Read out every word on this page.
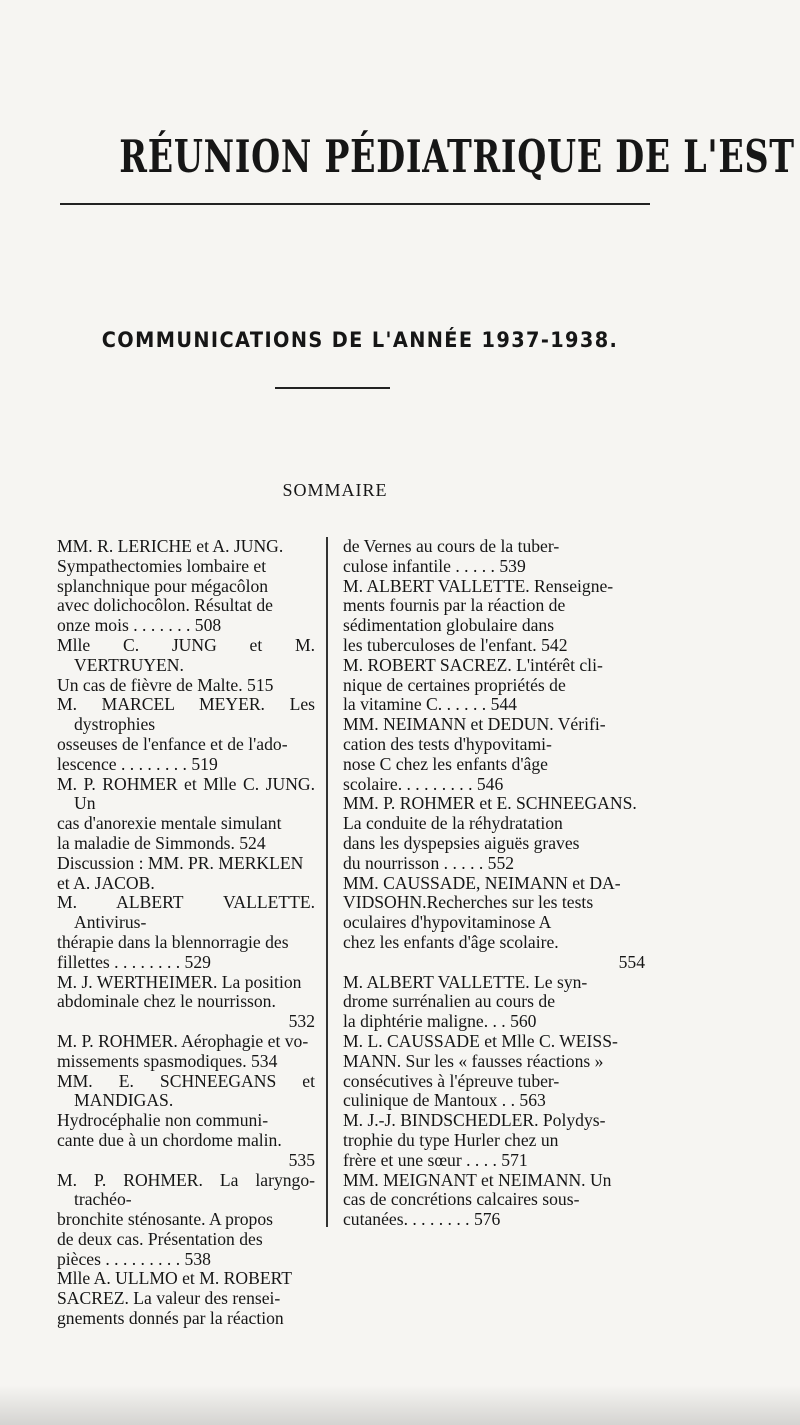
RÉUNION PÉDIATRIQUE DE L'EST
COMMUNICATIONS DE L'ANNÉE 1937-1938.
SOMMAIRE
MM. R. LERICHE et A. JUNG.
Sympathectomies lombaire et
splanchnique pour mégacôlon
avec dolichocôlon. Résultat de
onze mois . . . . . . . 508
Mlle C. JUNG et M. VERTRUYEN.
Un cas de fièvre de Malte. 515
M. MARCEL MEYER. Les dystrophies
osseuses de l'enfance et de l'ado-
lescence . . . . . . . . 519
M. P. ROHMER et Mlle C. JUNG. Un
cas d'anorexie mentale simulant
la maladie de Simmonds. 524
Discussion : MM. PR. MERKLEN
et A. JACOB.
M. ALBERT VALLETTE. Antivirus-
thérapie dans la blennorragie des
fillettes . . . . . . . . 529
M. J. WERTHEIMER. La position
abdominale chez le nourrisson.
532
M. P. ROHMER. Aérophagie et vo-
missements spasmodiques. 534
MM. E. SCHNEEGANS et MANDIGAS.
Hydrocéphalie non communi-
cante due à un chordome malin.
535
M. P. ROHMER. La laryngo-trachéo-
bronchite sténosante. A propos
de deux cas. Présentation des
pièces . . . . . . . . . 538
Mlle A. ULLMO et M. ROBERT
SACREZ. La valeur des rensei-
gnements donnés par la réaction
de Vernes au cours de la tuber-
culose infantile . . . . . 539
M. ALBERT VALLETTE. Renseigne-
ments fournis par la réaction de
sédimentation globulaire dans
les tuberculoses de l'enfant. 542
M. ROBERT SACREZ. L'intérêt cli-
nique de certaines propriétés de
la vitamine C. . . . . . 544
MM. NEIMANN et DEDUN. Vérifi-
cation des tests d'hypovitami-
nose C chez les enfants d'âge
scolaire. . . . . . . . . 546
MM. P. ROHMER et E. SCHNEEGANS.
La conduite de la réhydratation
dans les dyspepsies aiguës graves
du nourrisson . . . . . 552
MM. CAUSSADE, NEIMANN et DA-
VIDSOHN.Recherches sur les tests
oculaires d'hypovitaminose A
chez les enfants d'âge scolaire.
554
M. ALBERT VALLETTE. Le syn-
drome surrénalien au cours de
la diphtérie maligne. . . 560
M. L. CAUSSADE et Mlle C. WEISS-
MANN. Sur les « fausses réactions »
consécutives à l'épreuve tuber-
culinique de Mantoux . . 563
M. J.-J. BINDSCHEDLER. Polydys-
trophie du type Hurler chez un
frère et une sœur . . . . 571
MM. MEIGNANT et NEIMANN. Un
cas de concrétions calcaires sous-
cutanées. . . . . . . . 576
